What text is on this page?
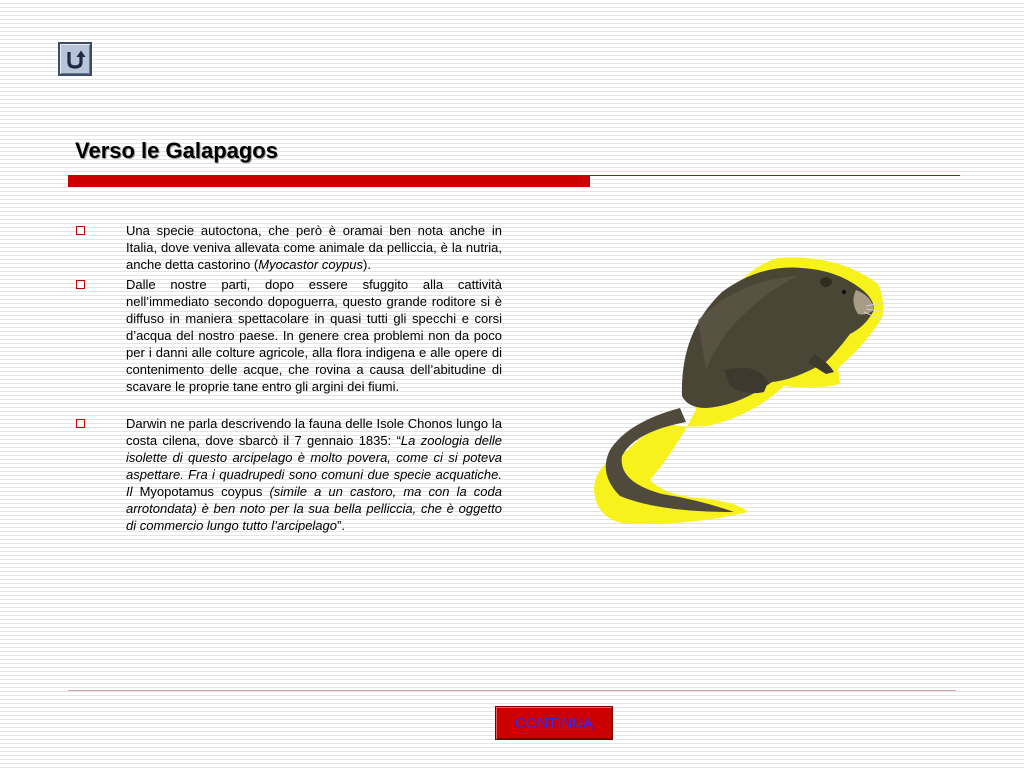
Verso le Galapagos
Una specie autoctona, che però è oramai ben nota anche in Italia, dove veniva allevata come animale da pelliccia, è la nutria, anche detta castorino (Myocastor coypus).
Dalle nostre parti, dopo essere sfuggito alla cattività nell’immediato secondo dopoguerra, questo grande roditore si è diffuso in maniera spettacolare in quasi tutti gli specchi e corsi d’acqua del nostro paese. In genere crea problemi non da poco per i danni alle colture agricole, alla flora indigena e alle opere di contenimento delle acque, che rovina a causa dell’abitudine di scavare le proprie tane entro gli argini dei fiumi.
Darwin ne parla descrivendo la fauna delle Isole Chonos lungo la costa cilena, dove sbarcò il 7 gennaio 1835: “La zoologia delle isolette di questo arcipelago è molto povera, come ci si poteva aspettare. Fra i quadrupedi sono comuni due specie acquatiche. Il Myopotamus coypus (simile a un castoro, ma con la coda arrotondata) è ben noto per la sua bella pelliccia, che è oggetto di commercio lungo tutto l’arcipelago”.
CONTINUA
